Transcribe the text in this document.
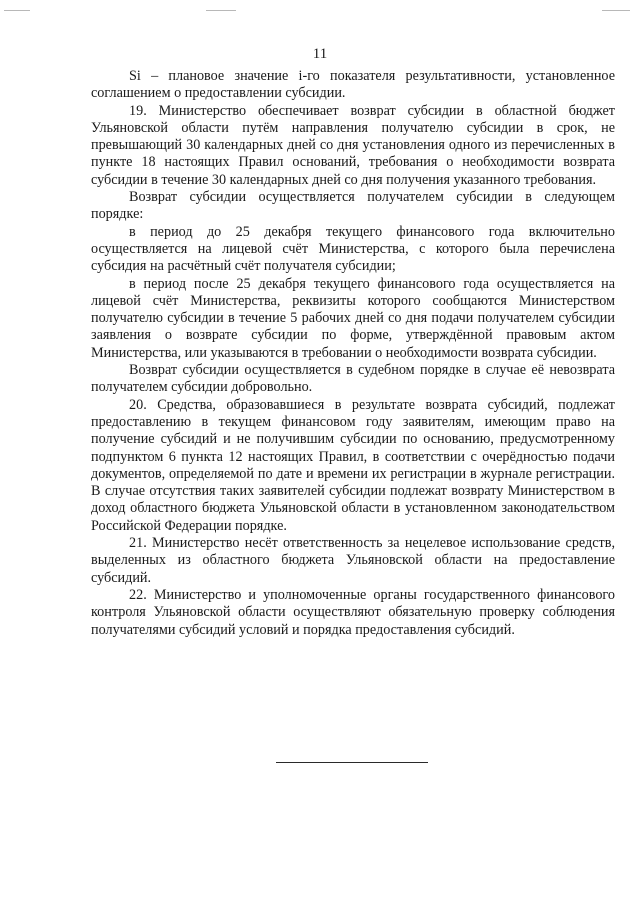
11

Si – плановое значение i-го показателя результативности, установленное соглашением о предоставлении субсидии.

19. Министерство обеспечивает возврат субсидии в областной бюджет Ульяновской области путём направления получателю субсидии в срок, не превышающий 30 календарных дней со дня установления одного из перечисленных в пункте 18 настоящих Правил оснований, требования о необходимости возврата субсидии в течение 30 календарных дней со дня получения указанного требования.

Возврат субсидии осуществляется получателем субсидии в следующем порядке:

в период до 25 декабря текущего финансового года включительно осуществляется на лицевой счёт Министерства, с которого была перечислена субсидия на расчётный счёт получателя субсидии;

в период после 25 декабря текущего финансового года осуществляется на лицевой счёт Министерства, реквизиты которого сообщаются Министерством получателю субсидии в течение 5 рабочих дней со дня подачи получателем субсидии заявления о возврате субсидии по форме, утверждённой правовым актом Министерства, или указываются в требовании о необходимости возврата субсидии.

Возврат субсидии осуществляется в судебном порядке в случае её невозврата получателем субсидии добровольно.

20. Средства, образовавшиеся в результате возврата субсидий, подлежат предоставлению в текущем финансовом году заявителям, имеющим право на получение субсидий и не получившим субсидии по основанию, предусмотренному подпунктом 6 пункта 12 настоящих Правил, в соответствии с очерёдностью подачи документов, определяемой по дате и времени их регистрации в журнале регистрации. В случае отсутствия таких заявителей субсидии подлежат возврату Министерством в доход областного бюджета Ульяновской области в установленном законодательством Российской Федерации порядке.

21. Министерство несёт ответственность за нецелевое использование средств, выделенных из областного бюджета Ульяновской области на предоставление субсидий.

22. Министерство и уполномоченные органы государственного финансового контроля Ульяновской области осуществляют обязательную проверку соблюдения получателями субсидий условий и порядка предоставления субсидий.
